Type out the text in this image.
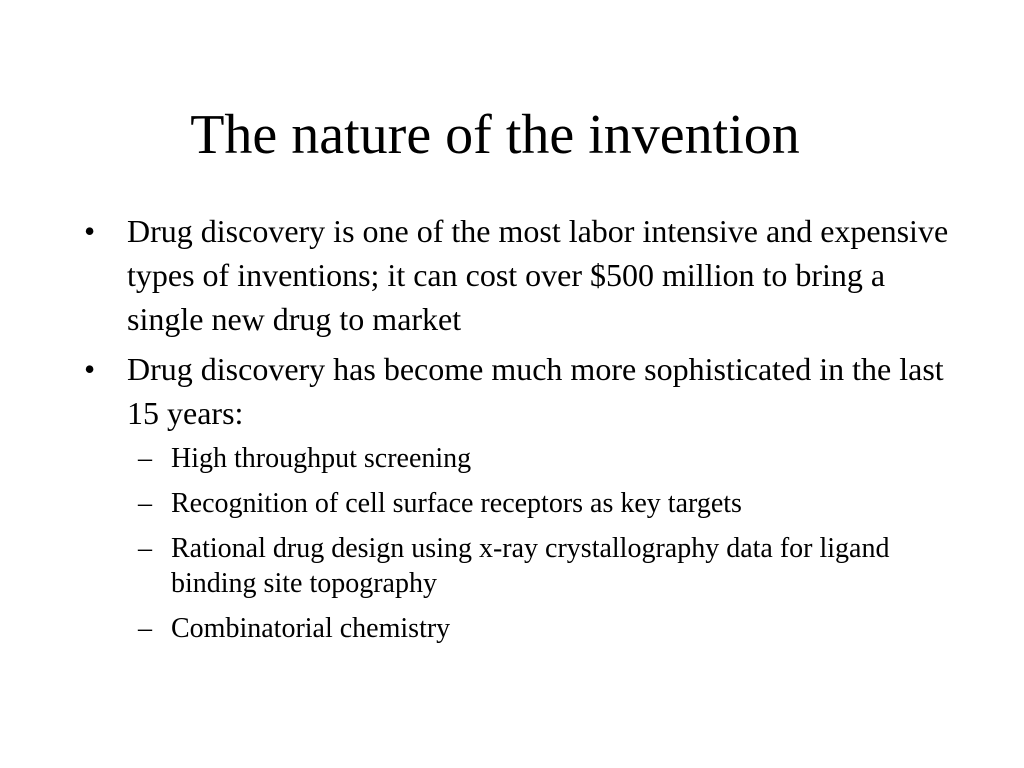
The nature of the invention
• Drug discovery is one of the most labor intensive and expensive types of inventions; it can cost over $500 million to bring a single new drug to market
• Drug discovery has become much more sophisticated in the last 15 years:
– High throughput screening
– Recognition of cell surface receptors as key targets
– Rational drug design using x-ray crystallography data for ligand binding site topography
– Combinatorial chemistry
